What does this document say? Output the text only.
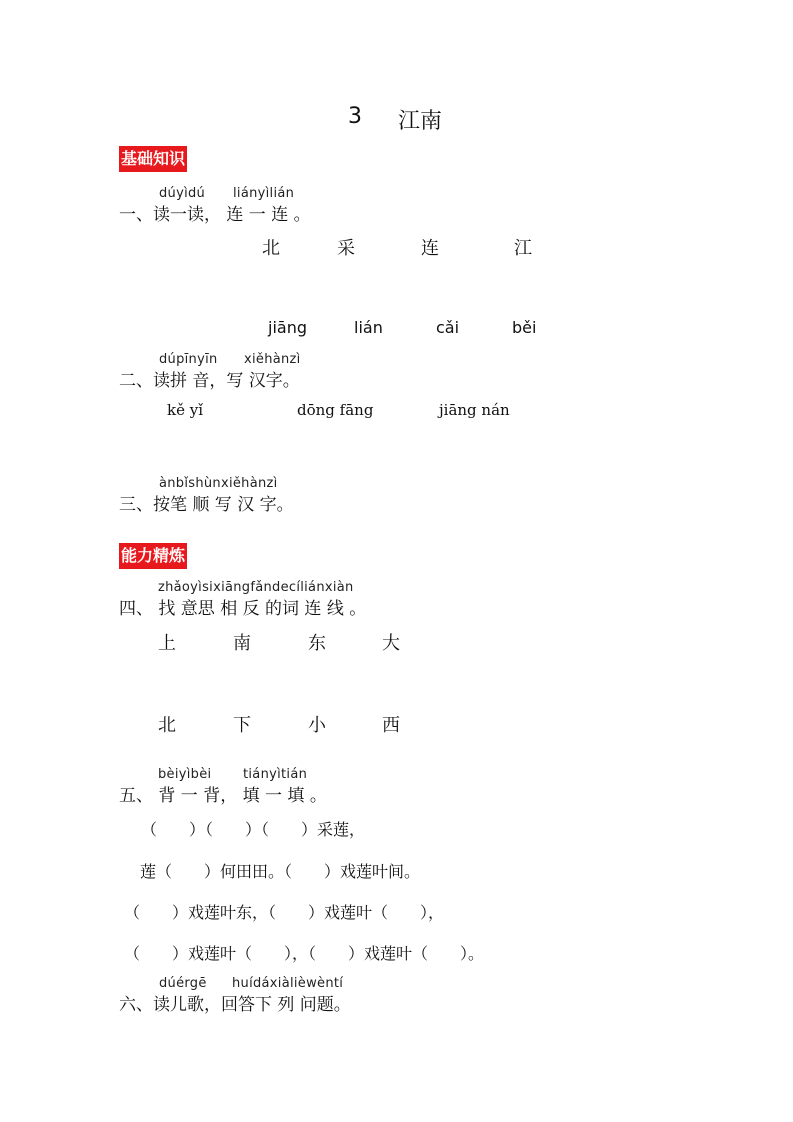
3 江南
基础知识
dúyìdú liányìlián
一、读一读， 连 一 连 。
北	采	连	江
jiāng	lián	cǎi	běi
dúpīnyīn xiěhànzì
二、读拼 音，写 汉字。
kě yǐ	dōng fāng	jiāng nán
ànbǐshùnxiěhànzì
三、按笔 顺 写 汉 字。
能力精炼
zhǎoyìsixiāngfǎndecíliánxiàn
四、 找 意思 相 反 的词 连 线 。
上	南	东	大
北	下	小	西
bèiyìbèi tiányìtián
五、 背 一 背， 填 一 填 。
（　　）（　　）（　　）采莲，
莲（　　）何田田。（　　）戏莲叶间。
（　　）戏莲叶东，（　　）戏莲叶（　　），
（　　）戏莲叶（　　），（　　）戏莲叶（　　）。
dúérgē huídáxiàlièwèntí
六、读儿歌，回答下 列 问题。
